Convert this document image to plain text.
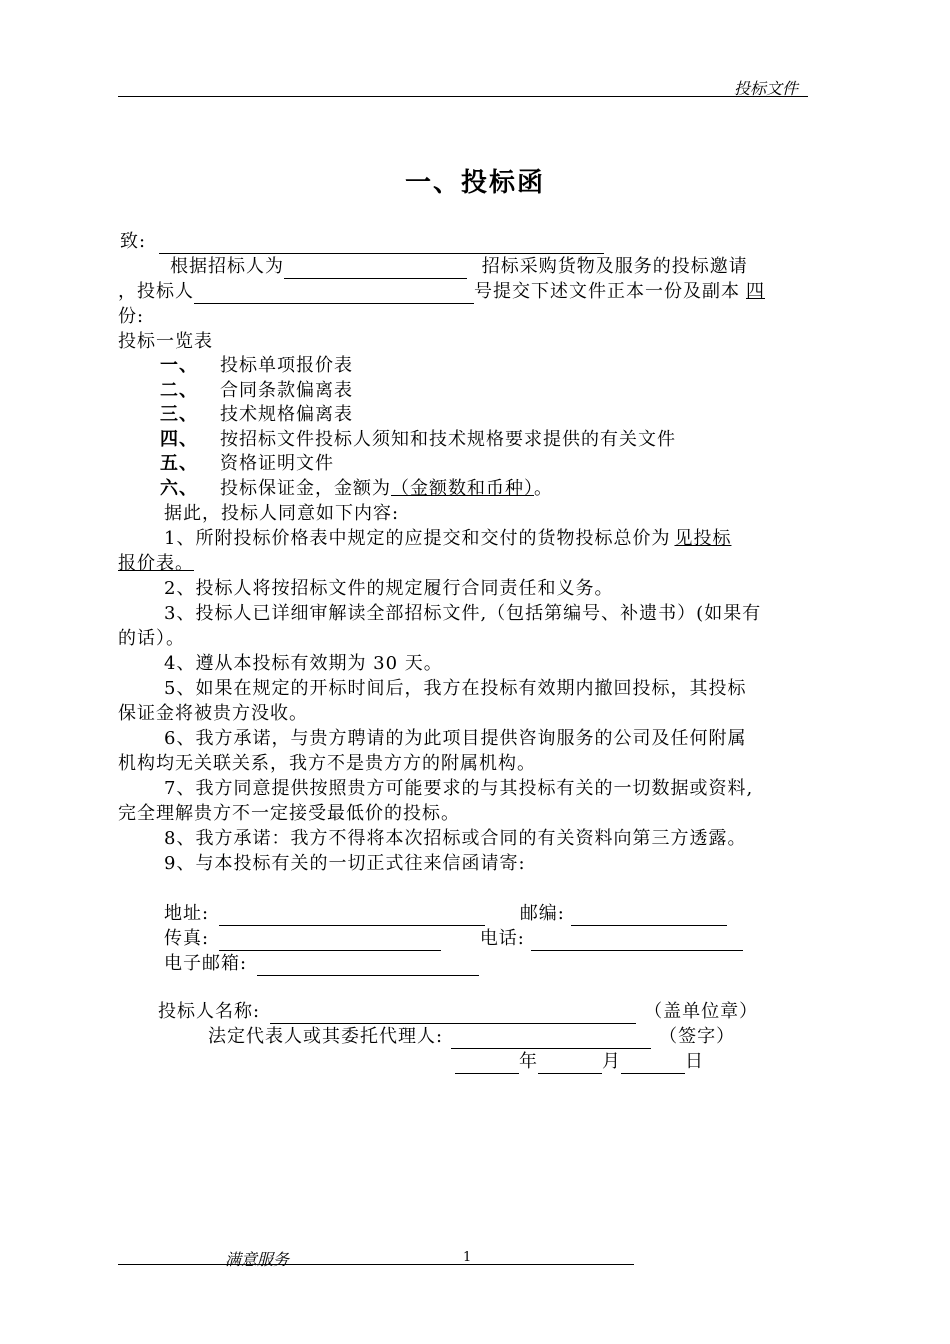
投标文件
一、投标函
致:
根据招标人为	招标采购货物及服务的投标邀请
，投标人	号提交下述文件正本一份及副本 四
份:
投标一览表
一、 投标单项报价表
二、 合同条款偏离表
三、 技术规格偏离表
四、 按招标文件投标人须知和技术规格要求提供的有关文件
五、 资格证明文件
六、 投标保证金，金额为（金额数和币种）。
据此，投标人同意如下内容:
1、所附投标价格表中规定的应提交和交付的货物投标总价为 见投标
报价表。
2、投标人将按招标文件的规定履行合同责任和义务。
3、投标人已详细审解读全部招标文件,（包括第编号、补遗书）(如果有
的话）。
4、遵从本投标有效期为 30 天。
5、如果在规定的开标时间后，我方在投标有效期内撤回投标，其投标
保证金将被贵方没收。
6、我方承诺，与贵方聘请的为此项目提供咨询服务的公司及任何附属
机构均无关联关系，我方不是贵方方的附属机构。
7、我方同意提供按照贵方可能要求的与其投标有关的一切数据或资料,
完全理解贵方不一定接受最低价的投标。
8、我方承诺：我方不得将本次招标或合同的有关资料向第三方透露。
9、与本投标有关的一切正式往来信函请寄:
地址:	邮编:
传真:	电话:
电子邮箱:
投标人名称:	（盖单位章）
法定代表人或其委托代理人:	（签字）
年	月	日
满意服务	1
